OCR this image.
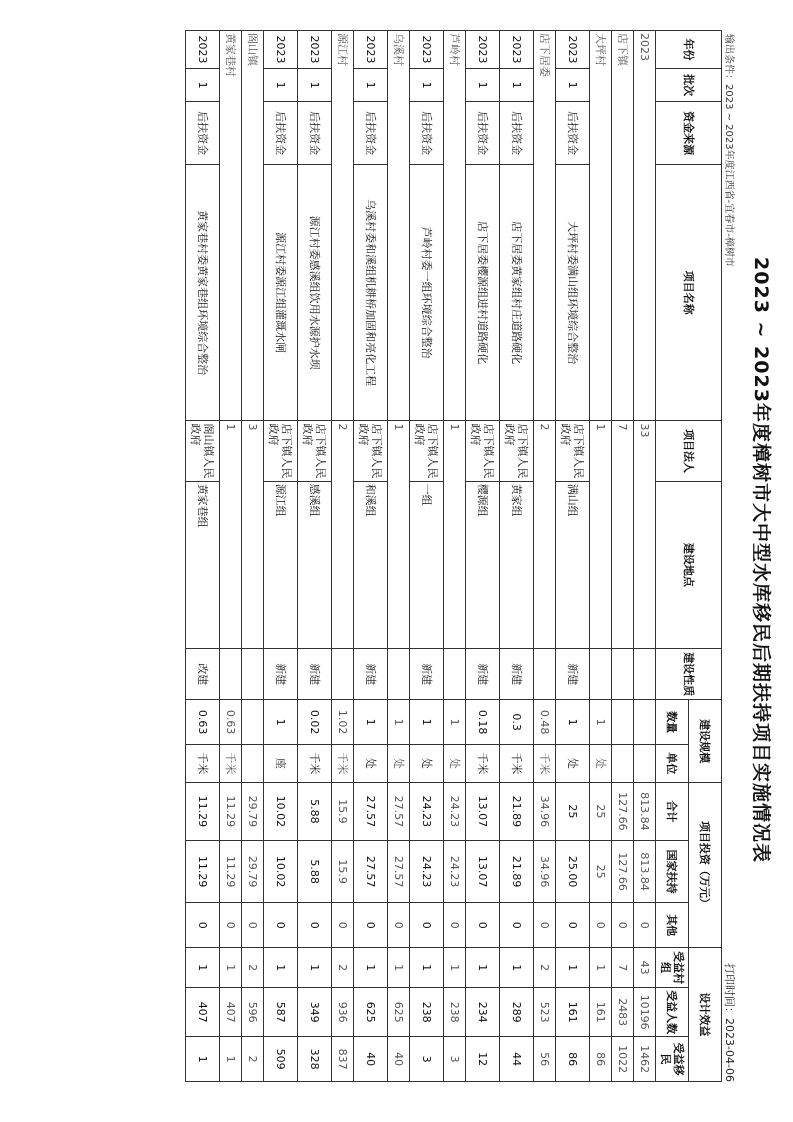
2023 ~ 2023年度樟树市大中型水库移民后期扶持项目实施情况表
输出条件：2023 ~ 2023年度江西省-宜春市-樟树市
打印时间：2023-04-06
年份	批次	资金来源	项目名称	项目法人	建设地点	建设性质	建设规模		项目投资（万元）			设计效益		
							数量	单位	合计	国家扶持	其他	受益村组	受益人数	受益移民
2023				33					813.84	813.84	0	43	10196	1462
店下镇				7					127.66	127.66	0	7	2483	1022
大坪村				1			1	处	25	25	0	1	161	86
2023	1	后扶资金	大坪村委满山组环境综合整治	店下镇人民政府	满山组	新建	1	处	25	25.00	0	1	161	86
店下居委				2			0.48	千米	34.96	34.96	0	2	523	56
2023	1	后扶资金	店下居委黄家组村庄道路硬化	店下镇人民政府	黄家组	新建	0.3	千米	21.89	21.89	0	1	289	44
2023	1	后扶资金	店下居委樱源组进村道路硬化	店下镇人民政府	樱源组	新建	0.18	千米	13.07	13.07	0	1	234	12
芦岭村				1			1	处	24.23	24.23	0	1	238	3
2023	1	后扶资金	芦岭村委一组环境综合整治	店下镇人民政府	一组	新建	1	处	24.23	24.23	0	1	238	3
乌溪村				1			1	处	27.57	27.57	0	1	625	40
2023	1	后扶资金	乌溪村委和溪组机耕桥加固和亮化工程	店下镇人民政府	和溪组	新建	1	处	27.57	27.57	0	1	625	40
源江村				2			1.02	千米	15.9	15.9	0	2	936	837
2023	1	后扶资金	源江村委感溪组饮用水源护水坝	店下镇人民政府	感溪组	新建	0.02	千米	5.88	5.88	0	1	349	328
2023	1	后扶资金	源江村委源江组灌溉水闸	店下镇人民政府	源江组	新建	1	座	10.02	10.02	0	1	587	509
阁山镇				3					29.79	29.79	0	2	596	2
黄家巷村				1			0.63	千米	11.29	11.29	0	1	407	1
2023	1	后扶资金	黄家巷村委黄家巷组环境综合整治	阁山镇人民政府	黄家巷组	改建	0.63	千米	11.29	11.29	0	1	407	1
